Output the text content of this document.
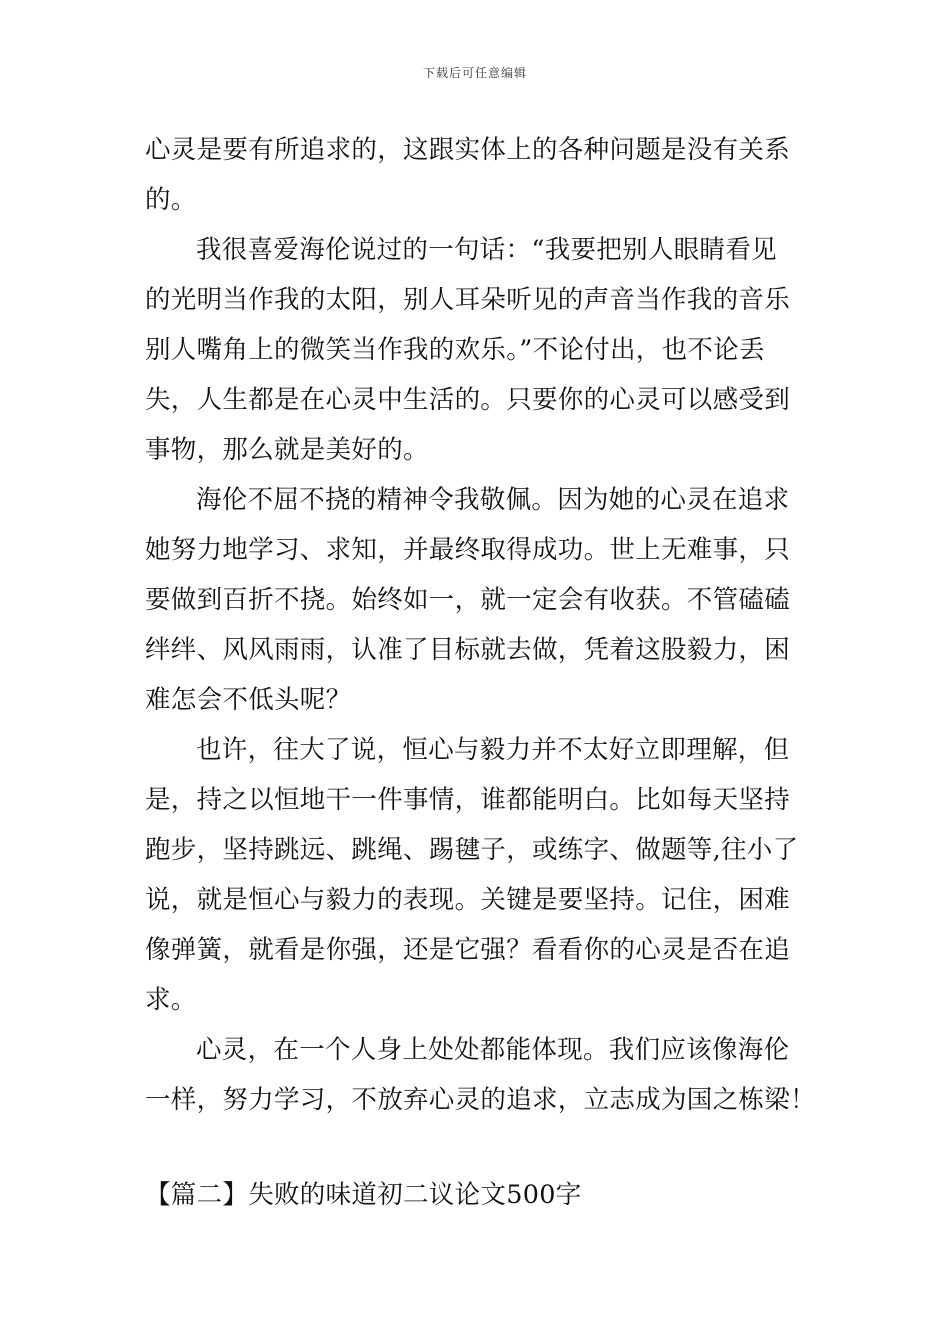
下载后可任意编辑
心灵是要有所追求的，这跟实体上的各种问题是没有关系
的。
我很喜爱海伦说过的一句话：“我要把别人眼睛看见
的光明当作我的太阳，别人耳朵听见的声音当作我的音乐
别人嘴角上的微笑当作我的欢乐。”不论付出，也不论丢
失，人生都是在心灵中生活的。只要你的心灵可以感受到
事物，那么就是美好的。
海伦不屈不挠的精神令我敬佩。因为她的心灵在追求
她努力地学习、求知，并最终取得成功。世上无难事，只
要做到百折不挠。始终如一，就一定会有收获。不管磕磕
绊绊、风风雨雨，认准了目标就去做，凭着这股毅力，困
难怎会不低头呢？
也许，往大了说，恒心与毅力并不太好立即理解，但
是，持之以恒地干一件事情，谁都能明白。比如每天坚持
跑步，坚持跳远、跳绳、踢毽子，或练字、做题等,往小了
说，就是恒心与毅力的表现。关键是要坚持。记住，困难
像弹簧，就看是你强，还是它强？看看你的心灵是否在追
求。
心灵，在一个人身上处处都能体现。我们应该像海伦
一样，努力学习，不放弃心灵的追求，立志成为国之栋梁！
【篇二】失败的味道初二议论文500字
